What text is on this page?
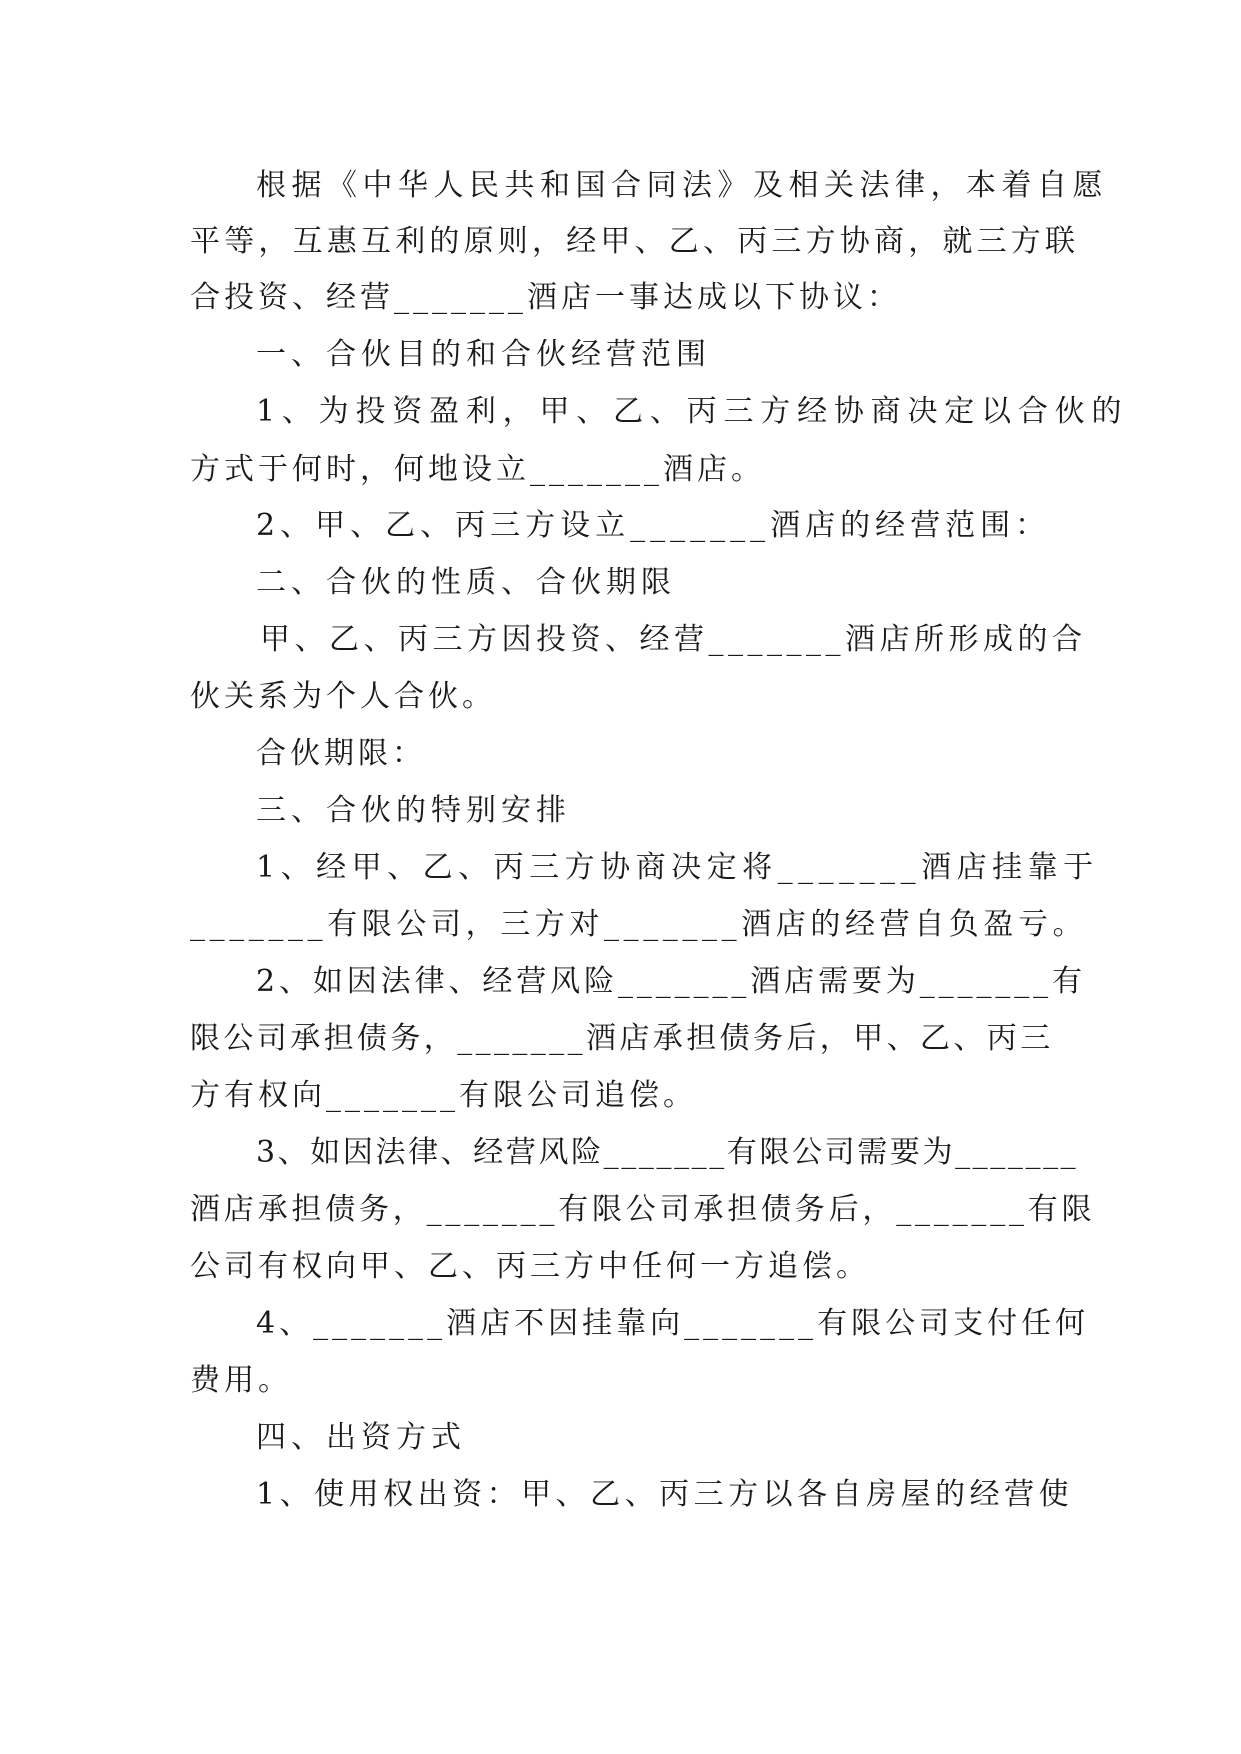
根据《中华人民共和国合同法》及相关法律，本着自愿
平等，互惠互利的原则，经甲、乙、丙三方协商，就三方联
合投资、经营_______酒店一事达成以下协议：
一、合伙目的和合伙经营范围
1、为投资盈利，甲、乙、丙三方经协商决定以合伙的
方式于何时，何地设立_______酒店。
2、甲、乙、丙三方设立_______酒店的经营范围：
二、合伙的性质、合伙期限
甲、乙、丙三方因投资、经营_______酒店所形成的合
伙关系为个人合伙。
合伙期限：
三、合伙的特别安排
1、经甲、乙、丙三方协商决定将_______酒店挂靠于
_______有限公司，三方对_______酒店的经营自负盈亏。
2、如因法律、经营风险_______酒店需要为_______有
限公司承担债务，_______酒店承担债务后，甲、乙、丙三
方有权向_______有限公司追偿。
3、如因法律、经营风险_______有限公司需要为_______
酒店承担债务，_______有限公司承担债务后，_______有限
公司有权向甲、乙、丙三方中任何一方追偿。
4、_______酒店不因挂靠向_______有限公司支付任何
费用。
四、出资方式
1、使用权出资：甲、乙、丙三方以各自房屋的经营使
